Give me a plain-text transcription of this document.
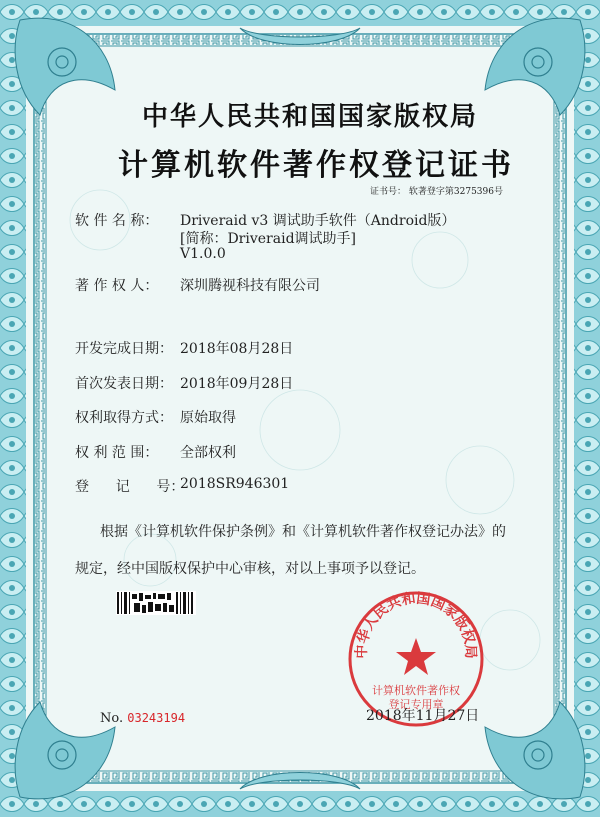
中华人民共和国国家版权局
计算机软件著作权登记证书
证书号： 软著登字第3275396号
软 件 名 称： Driveraid v3 调试助手软件（Android版）
[简称：Driveraid调试助手]
V1.0.0
著 作 权 人： 深圳腾视科技有限公司
开发完成日期： 2018年08月28日
首次发表日期： 2018年09月28日
权利取得方式： 原始取得
权 利 范 围： 全部权利
登      记      号：
2018SR946301
根据《计算机软件保护条例》和《计算机软件著作权登记办法》的
规定，经中国版权保护中心审核，对以上事项予以登记。
中华人民共和国国家版权局
计算机软件著作权
登记专用章
No. 03243194	2018年11月27日
